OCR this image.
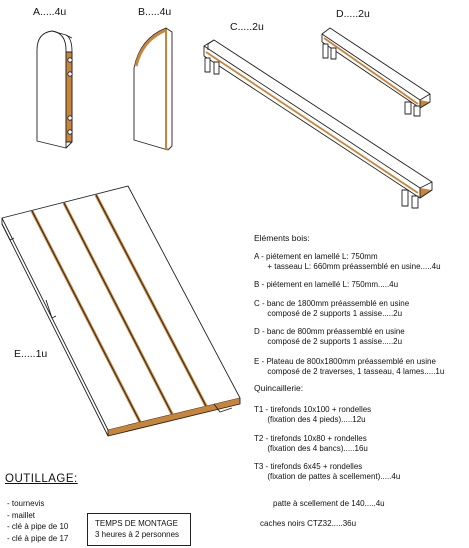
A.....4u	B.....4u
C.....2u
D.....2u
E.....1u
Eléments bois:
A - piétement en lamellé L: 750mm
+ tasseau L: 660mm préassemblé en usine.....4u
B - piétement en lamellé L: 750mm.....4u
C - banc de 1800mm préassemblé en usine
composé de 2 supports 1 assise.....2u
D - banc de 800mm préassemblé en usine
composé de 2 supports 1 assise.....2u
E - Plateau de 800x1800mm préassemblé en usine
composé de 2 traverses, 1 tasseau, 4 lames.....1u
Quincaillerie:
T1 - tirefonds 10x100 + rondelles
(fixation des 4 pieds).....12u
T2 - tirefonds 10x80 + rondelles
(fixation des 4 bancs).....16u
T3 - tirefonds 6x45 + rondelles
(fixation de pattes à scellement).....4u
patte à scellement de 140.....4u
caches noirs CTZ32.....36u
OUTILLAGE:
- tournevis
- maillet
- clé à pipe de 10
- clé à pipe de 17
TEMPS DE MONTAGE
3 heures à 2 personnes
